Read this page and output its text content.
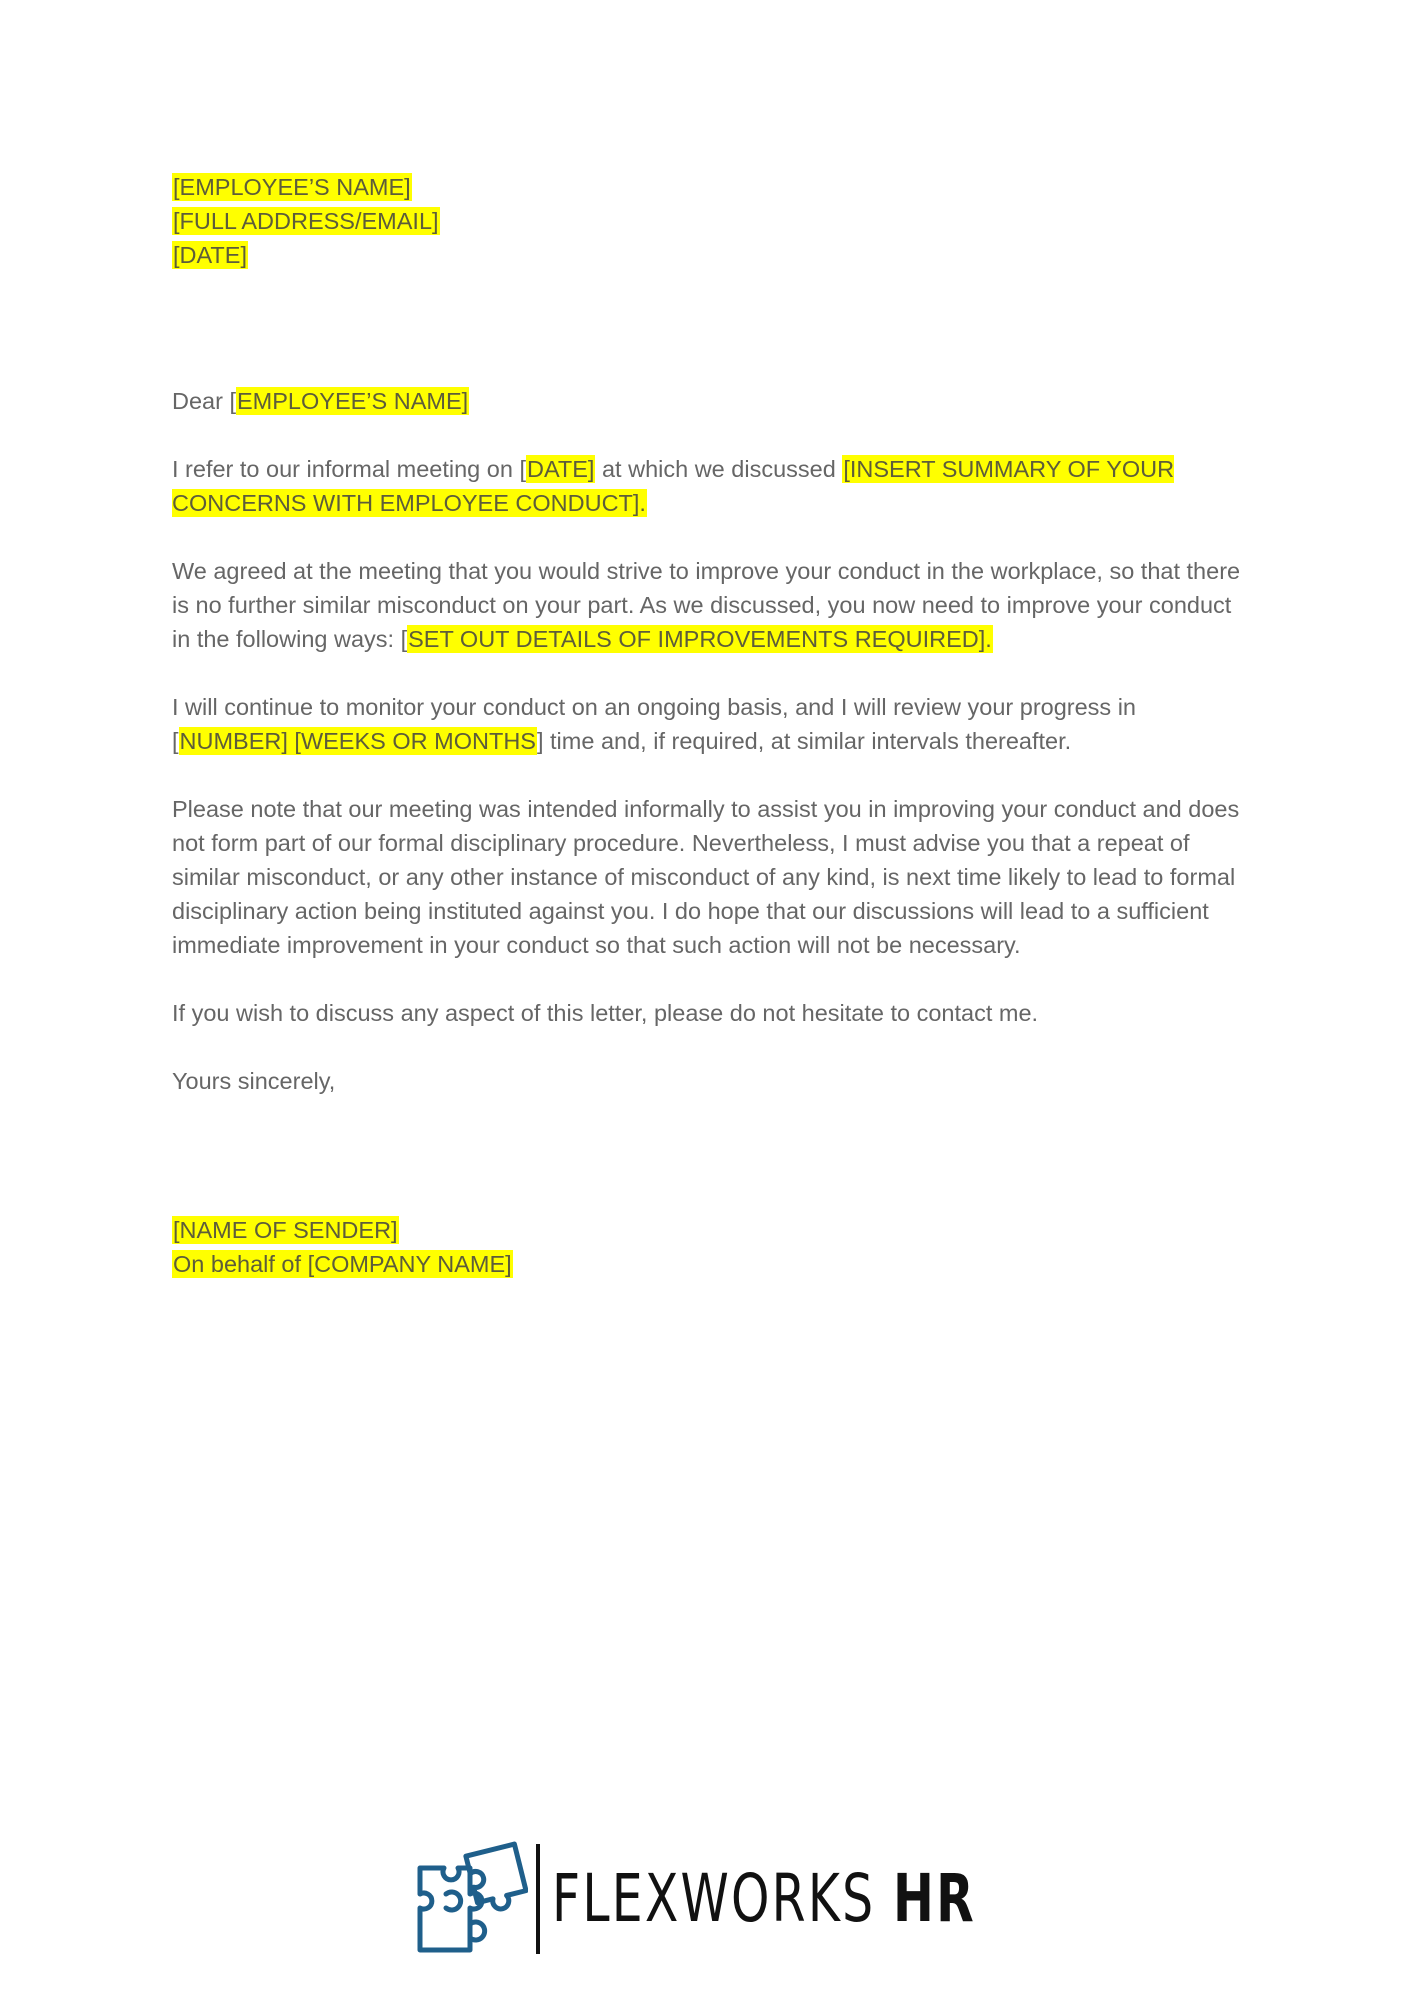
[EMPLOYEE’S NAME]

[FULL ADDRESS/EMAIL]

[DATE]

Dear [EMPLOYEE’S NAME]

I refer to our informal meeting on [DATE] at which we discussed [INSERT SUMMARY OF YOUR CONCERNS WITH EMPLOYEE CONDUCT].

We agreed at the meeting that you would strive to improve your conduct in the workplace, so that there is no further similar misconduct on your part. As we discussed, you now need to improve your conduct in the following ways: [SET OUT DETAILS OF IMPROVEMENTS REQUIRED].

I will continue to monitor your conduct on an ongoing basis, and I will review your progress in [NUMBER] [WEEKS OR MONTHS] time and, if required, at similar intervals thereafter.

Please note that our meeting was intended informally to assist you in improving your conduct and does not form part of our formal disciplinary procedure. Nevertheless, I must advise you that a repeat of similar misconduct, or any other instance of misconduct of any kind, is next time likely to lead to formal disciplinary action being instituted against you. I do hope that our discussions will lead to a sufficient immediate improvement in your conduct so that such action will not be necessary.

If you wish to discuss any aspect of this letter, please do not hesitate to contact me.

Yours sincerely,

[NAME OF SENDER]

On behalf of [COMPANY NAME]

FLEXWORKS HR
